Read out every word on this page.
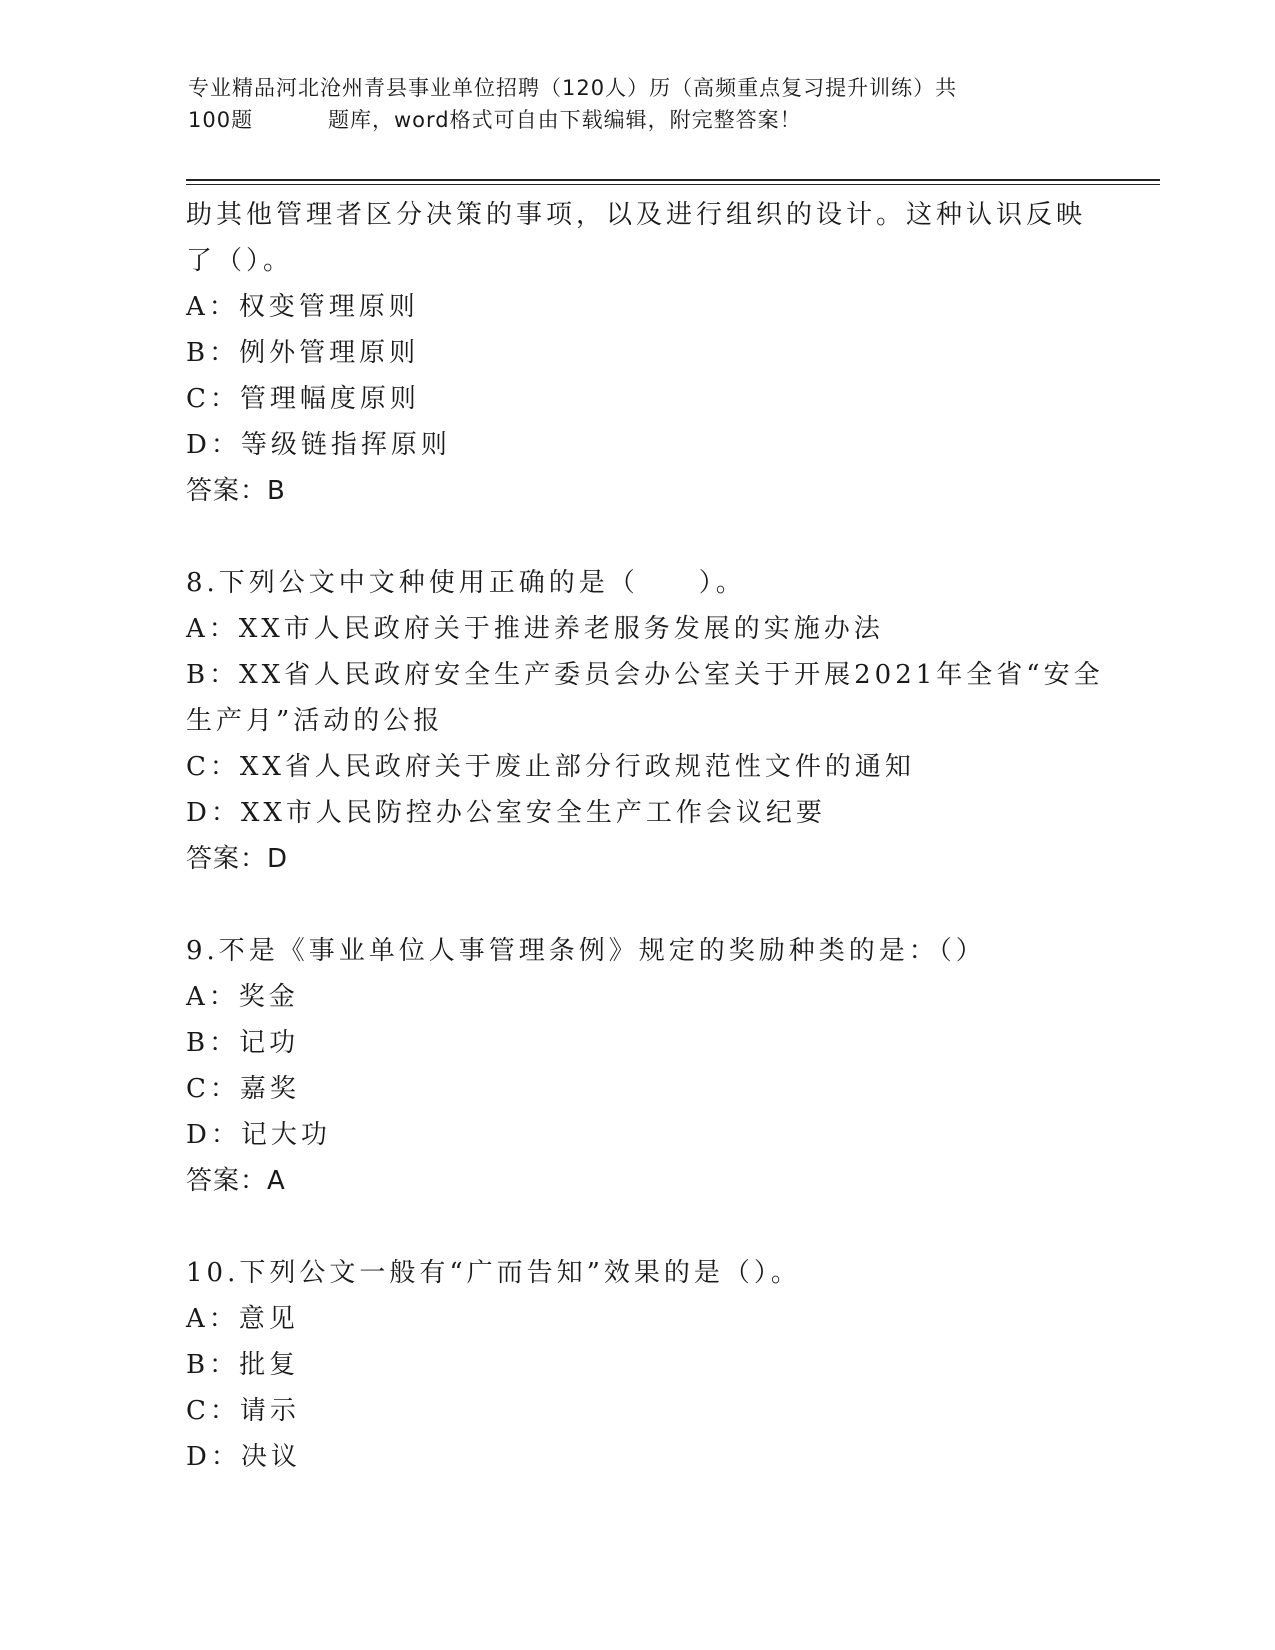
专业精品河北沧州青县事业单位招聘（120人）历（高频重点复习提升训练）共
100题	题库，word格式可自由下载编辑，附完整答案！
助其他管理者区分决策的事项，以及进行组织的设计。这种认识反映
了（）。
A：权变管理原则
B：例外管理原则
C：管理幅度原则
D：等级链指挥原则
答案：B
8.下列公文中文种使用正确的是（　　）。
A：XX市人民政府关于推进养老服务发展的实施办法
B：XX省人民政府安全生产委员会办公室关于开展2021年全省“安全
生产月”活动的公报
C：XX省人民政府关于废止部分行政规范性文件的通知
D：XX市人民防控办公室安全生产工作会议纪要
答案：D
9.不是《事业单位人事管理条例》规定的奖励种类的是：（）
A：奖金
B：记功
C：嘉奖
D：记大功
答案：A
10.下列公文一般有“广而告知”效果的是（）。
A：意见
B：批复
C：请示
D：决议
